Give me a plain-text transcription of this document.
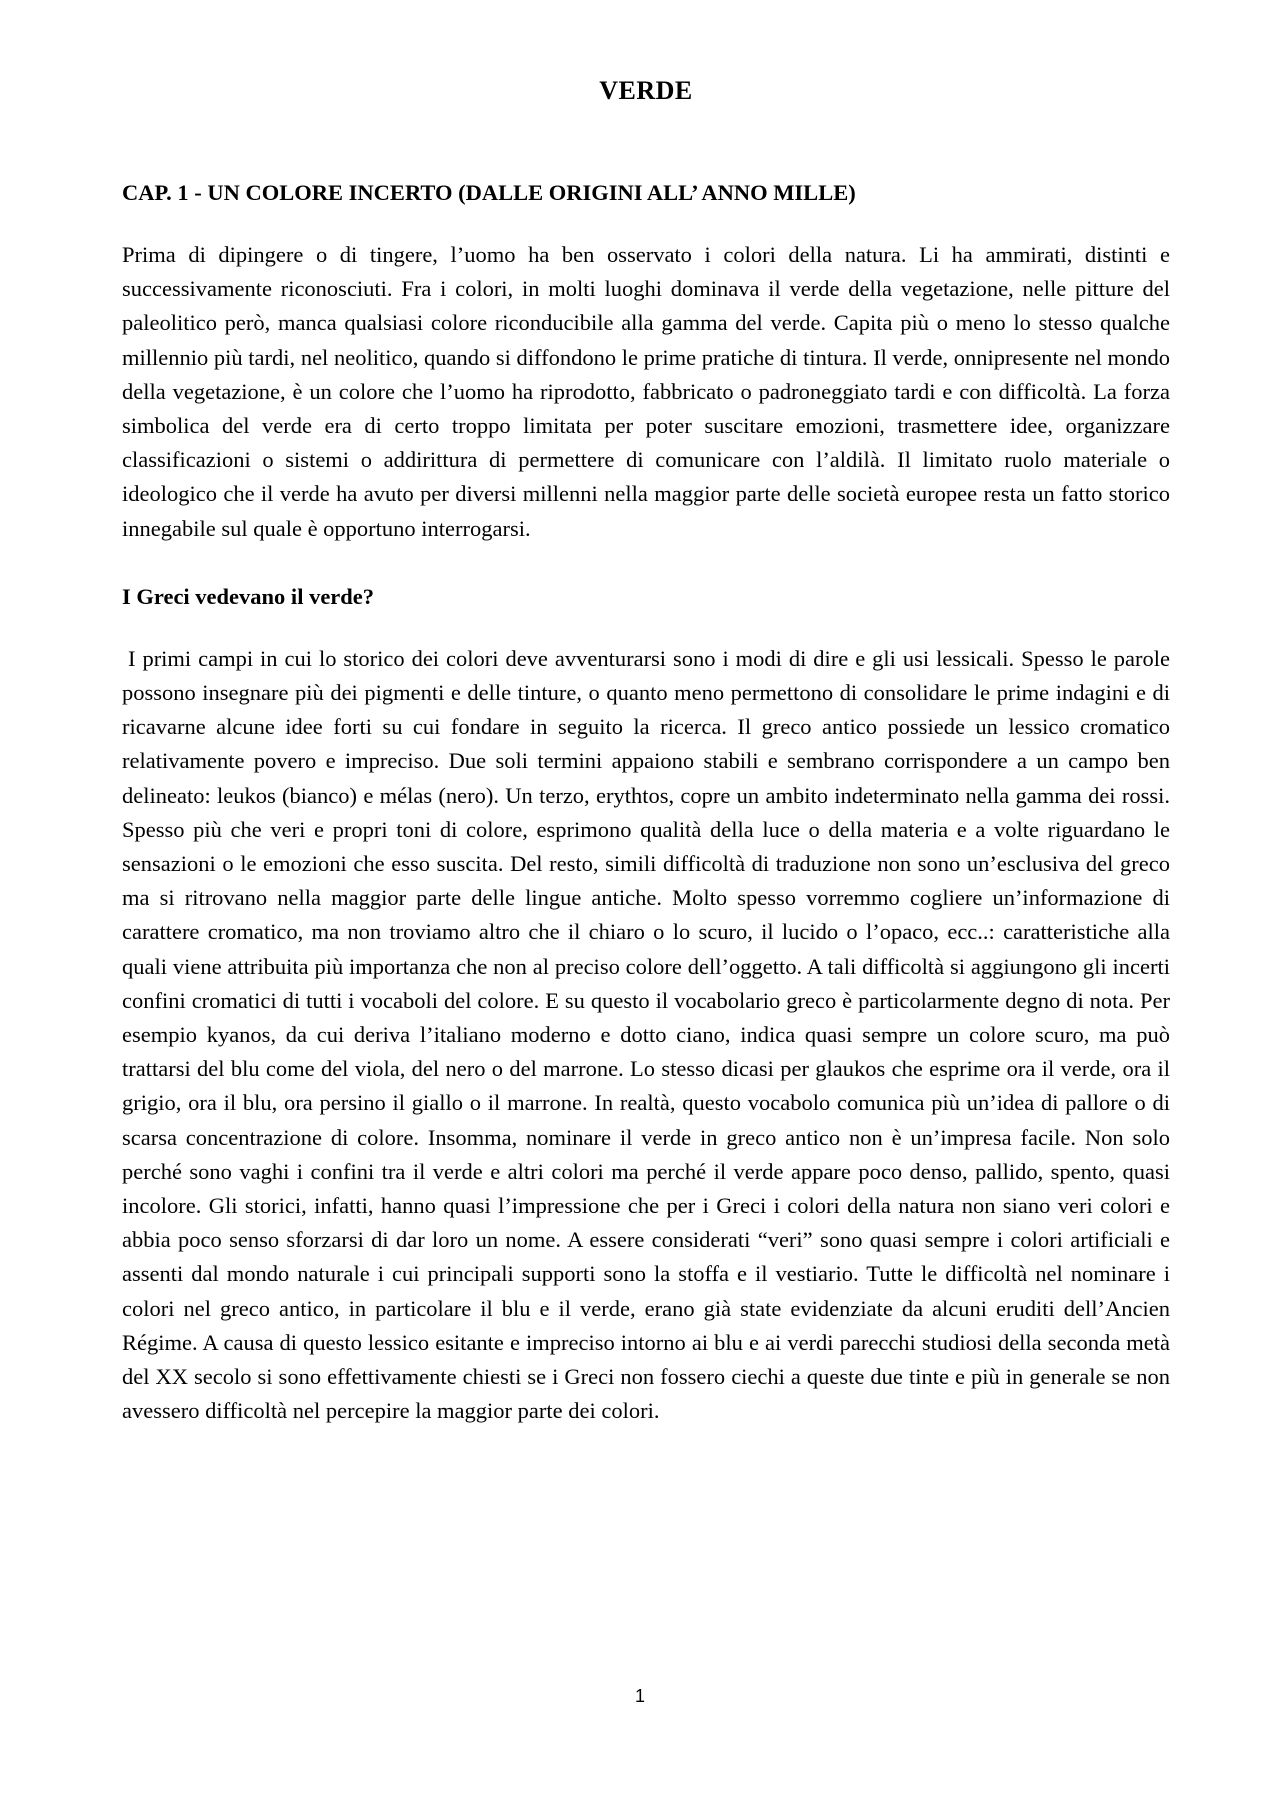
VERDE
CAP. 1 - UN COLORE INCERTO (DALLE ORIGINI ALL’ ANNO MILLE)

Prima di dipingere o di tingere, l’uomo ha ben osservato i colori della natura. Li ha ammirati, distinti e successivamente riconosciuti. Fra i colori, in molti luoghi dominava il verde della vegetazione, nelle pitture del paleolitico però, manca qualsiasi colore riconducibile alla gamma del verde. Capita più o meno lo stesso qualche millennio più tardi, nel neolitico, quando si diffondono le prime pratiche di tintura. Il verde, onnipresente nel mondo della vegetazione, è un colore che l’uomo ha riprodotto, fabbricato o padroneggiato tardi e con difficoltà. La forza simbolica del verde era di certo troppo limitata per poter suscitare emozioni, trasmettere idee, organizzare classificazioni o sistemi o addirittura di permettere di comunicare con l’aldilà. Il limitato ruolo materiale o ideologico che il verde ha avuto per diversi millenni nella maggior parte delle società europee resta un fatto storico innegabile sul quale è opportuno interrogarsi.

I Greci vedevano il verde?

I primi campi in cui lo storico dei colori deve avventurarsi sono i modi di dire e gli usi lessicali. Spesso le parole possono insegnare più dei pigmenti e delle tinture, o quanto meno permettono di consolidare le prime indagini e di ricavarne alcune idee forti su cui fondare in seguito la ricerca. Il greco antico possiede un lessico cromatico relativamente povero e impreciso. Due soli termini appaiono stabili e sembrano corrispondere a un campo ben delineato: leukos (bianco) e mélas (nero). Un terzo, erythtos, copre un ambito indeterminato nella gamma dei rossi. Spesso più che veri e propri toni di colore, esprimono qualità della luce o della materia e a volte riguardano le sensazioni o le emozioni che esso suscita. Del resto, simili difficoltà di traduzione non sono un’esclusiva del greco ma si ritrovano nella maggior parte delle lingue antiche. Molto spesso vorremmo cogliere un’informazione di carattere cromatico, ma non troviamo altro che il chiaro o lo scuro, il lucido o l’opaco, ecc..: caratteristiche alla quali viene attribuita più importanza che non al preciso colore dell’oggetto. A tali difficoltà si aggiungono gli incerti confini cromatici di tutti i vocaboli del colore. E su questo il vocabolario greco è particolarmente degno di nota. Per esempio kyanos, da cui deriva l’italiano moderno e dotto ciano, indica quasi sempre un colore scuro, ma può trattarsi del blu come del viola, del nero o del marrone. Lo stesso dicasi per glaukos che esprime ora il verde, ora il grigio, ora il blu, ora persino il giallo o il marrone. In realtà, questo vocabolo comunica più un’idea di pallore o di scarsa concentrazione di colore. Insomma, nominare il verde in greco antico non è un’impresa facile. Non solo perché sono vaghi i confini tra il verde e altri colori ma perché il verde appare poco denso, pallido, spento, quasi incolore. Gli storici, infatti, hanno quasi l’impressione che per i Greci i colori della natura non siano veri colori e abbia poco senso sforzarsi di dar loro un nome. A essere considerati “veri” sono quasi sempre i colori artificiali e assenti dal mondo naturale i cui principali supporti sono la stoffa e il vestiario. Tutte le difficoltà nel nominare i colori nel greco antico, in particolare il blu e il verde, erano già state evidenziate da alcuni eruditi dell’Ancien Régime. A causa di questo lessico esitante e impreciso intorno ai blu e ai verdi parecchi studiosi della seconda metà del XX secolo si sono effettivamente chiesti se i Greci non fossero ciechi a queste due tinte e più in generale se non avessero difficoltà nel percepire la maggior parte dei colori.

1
